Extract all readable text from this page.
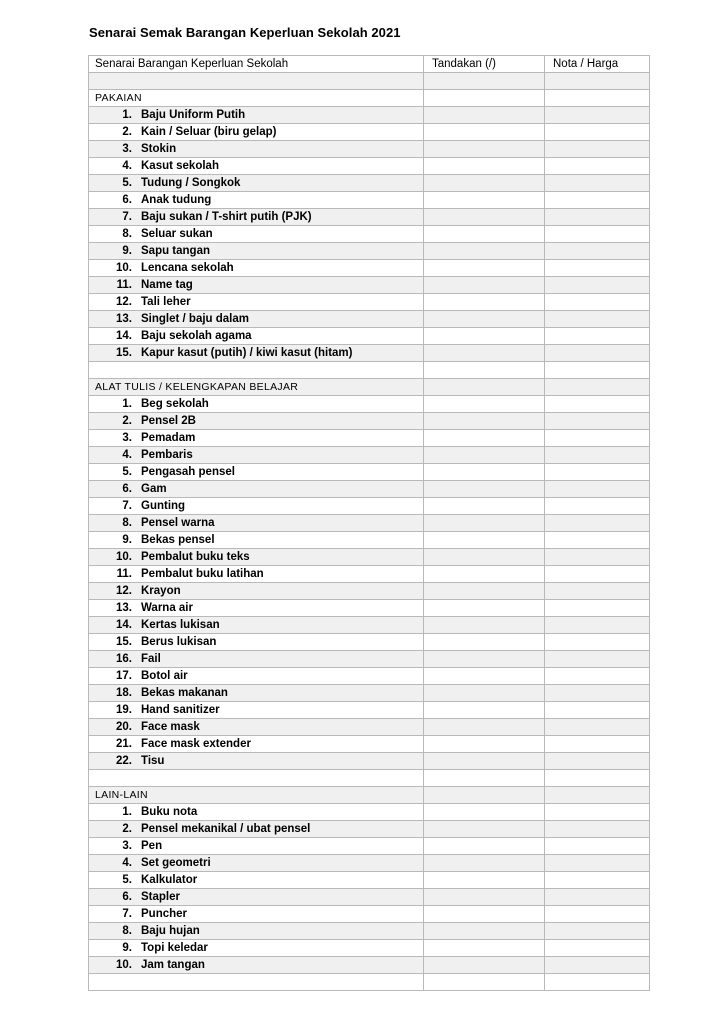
Senarai Semak Barangan Keperluan Sekolah 2021
Senarai Barangan Keperluan Sekolah	Tandakan (/)	Nota / Harga

PAKAIAN		
1. Baju Uniform Putih		
2. Kain / Seluar (biru gelap)		
3. Stokin		
4. Kasut sekolah		
5. Tudung / Songkok		
6. Anak tudung		
7. Baju sukan / T-shirt putih (PJK)		
8. Seluar sukan		
9. Sapu tangan		
10. Lencana sekolah		
11. Name tag		
12. Tali leher		
13. Singlet / baju dalam		
14. Baju sekolah agama		
15. Kapur kasut (putih) / kiwi kasut (hitam)		

ALAT TULIS / KELENGKAPAN BELAJAR		
1. Beg sekolah		
2. Pensel 2B		
3. Pemadam		
4. Pembaris		
5. Pengasah pensel		
6. Gam		
7. Gunting		
8. Pensel warna		
9. Bekas pensel		
10. Pembalut buku teks		
11. Pembalut buku latihan		
12. Krayon		
13. Warna air		
14. Kertas lukisan		
15. Berus lukisan		
16. Fail		
17. Botol air		
18. Bekas makanan		
19. Hand sanitizer		
20. Face mask		
21. Face mask extender		
22. Tisu		

LAIN-LAIN		
1. Buku nota		
2. Pensel mekanikal / ubat pensel		
3. Pen		
4. Set geometri		
5. Kalkulator		
6. Stapler		
7. Puncher		
8. Baju hujan		
9. Topi keledar		
10. Jam tangan		
